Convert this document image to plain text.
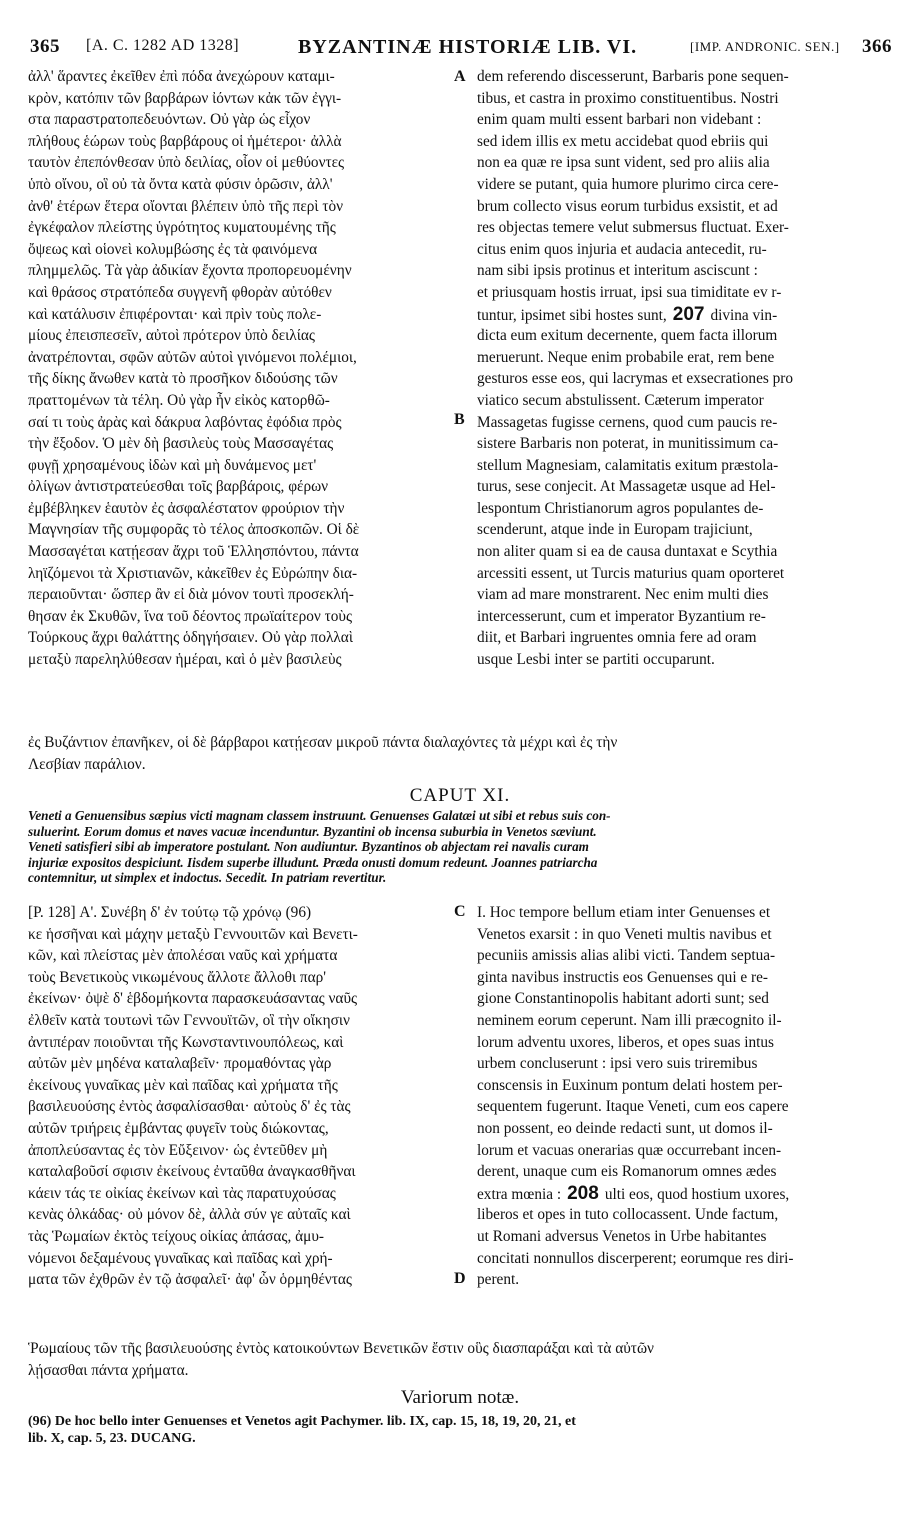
365 [A. C. 1282 AD 1328]	BYZANTINÆ HISTORIÆ LIB. VI.	[IMP. ANDRONIC. SEN.] 366
ἀλλ' ἅραντες ἐκεῖθεν ἐπὶ πόδα ἀνεχώρουν καταμι-
κρὸν, κατόπιν τῶν βαρβάρων ἰόντων κἀκ τῶν ἐγγι-
στα παραστρατοπεδευόντων. Οὐ γὰρ ὡς εἶχον
πλήθους ἑώρων τοὺς βαρβάρους οἱ ἡμέτεροι· ἀλλὰ
ταυτὸν ἐπεπόνθεσαν ὑπὸ δειλίας, οἷον οἱ μεθύοντες
ὑπὸ οἴνου, οἳ οὐ τὰ ὄντα κατὰ φύσιν ὁρῶσιν, ἀλλ'
ἀνθ' ἑτέρων ἕτερα οἴονται βλέπειν ὑπὸ τῆς περὶ τὸν
ἐγκέφαλον πλείστης ὑγρότητος κυματουμένης τῆς
ὄψεως καὶ οἱονεὶ κολυμβώσης ἐς τὰ φαινόμενα
πλημμελῶς. Τὰ γὰρ ἀδικίαν ἔχοντα προπορευομένην
καὶ θράσος στρατόπεδα συγγενῆ φθορὰν αὐτόθεν
καὶ κατάλυσιν ἐπιφέρονται· καὶ πρὶν τοὺς πολε-
μίους ἐπεισπεσεῖν, αὐτοὶ πρότερον ὑπὸ δειλίας
ἀνατρέπονται, σφῶν αὐτῶν αὐτοὶ γινόμενοι πολέμιοι,
τῆς δίκης ἄνωθεν κατὰ τὸ προσῆκον διδούσης τῶν
πραττομένων τὰ τέλη. Οὐ γὰρ ἦν εἰκὸς κατορθῶ-
σαί τι τοὺς ἀρὰς καὶ δάκρυα λαβόντας ἐφόδια πρὸς
τὴν ἔξοδον. Ὁ μὲν δὴ βασιλεὺς τοὺς Μασσαγέτας
φυγῇ χρησαμένους ἰδὼν καὶ μὴ δυνάμενος μετ'
ὀλίγων ἀντιστρατεύεσθαι τοῖς βαρβάροις, φέρων
ἐμβέβληκεν ἑαυτὸν ἐς ἀσφαλέστατον φρούριον τὴν
Μαγνησίαν τῆς συμφορᾶς τὸ τέλος ἀποσκοπῶν. Οἱ δὲ
Μασσαγέται κατῄεσαν ἄχρι τοῦ Ἑλλησπόντου, πάντα
ληϊζόμενοι τὰ Χριστιανῶν, κἀκεῖθεν ἐς Εὐρώπην δια-
περαιοῦνται· ὥσπερ ἂν εἰ διὰ μόνον τουτὶ προσεκλή-
θησαν ἐκ Σκυθῶν, ἵνα τοῦ δέοντος πρωϊαίτερον τοὺς
Τούρκους ἄχρι θαλάττης ὁδηγήσαιεν. Οὐ γὰρ πολλαὶ
μεταξὺ παρεληλύθεσαν ἡμέραι, καὶ ὁ μὲν βασιλεὺς
dem referendo discesserunt, Barbaris pone sequen-
tibus, et castra in proximo constituentibus. Nostri
enim quam multi essent barbari non videbant :
sed idem illis ex metu accidebat quod ebriis qui
non ea quæ re ipsa sunt vident, sed pro aliis alia
videre se putant, quia humore plurimo circa cere-
brum collecto visus eorum turbidus exsistit, et ad
res objectas temere velut submersus fluctuat. Exer-
citus enim quos injuria et audacia antecedit, ru-
nam sibi ipsis protinus et interitum asciscunt :
et priusquam hostis irruat, ipsi sua timiditate ev r-
tuntur, ipsimet sibi hostes sunt, 207 divina vin-
dicta eum exitum decernente, quem facta illorum
meruerunt. Neque enim probabile erat, rem bene
gesturos esse eos, qui lacrymas et exsecrationes pro
viatico secum abstulissent. Cæterum imperator
Massagetas fugisse cernens, quod cum paucis re-
sistere Barbaris non poterat, in munitissimum ca-
stellum Magnesiam, calamitatis exitum præstola-
turus, sese conjecit. At Massagetæ usque ad Hel-
lespontum Christianorum agros populantes de-
scenderunt, atque inde in Europam trajiciunt,
non aliter quam si ea de causa duntaxat e Scythia
arcessiti essent, ut Turcis maturius quam oporteret
viam ad mare monstrarent. Nec enim multi dies
intercesserunt, cum et imperator Byzantium re-
diit, et Barbari ingruentes omnia fere ad oram
usque Lesbi inter se partiti occuparunt.
A
B
ἐς Βυζάντιον ἐπανῆκεν, οἱ δὲ βάρβαροι κατῄεσαν μικροῦ πάντα διαλαχόντες τὰ μέχρι καὶ ἐς τὴν
Λεσβίαν παράλιον.
CAPUT XI.
Veneti a Genuensibus sæpius victi magnam classem instruunt. Genuenses Galatæi ut sibi et rebus suis con-
suluerint. Eorum domus et naves vacuæ incenduntur. Byzantini ob incensa suburbia in Venetos sæviunt.
Veneti satisfieri sibi ab imperatore postulant. Non audiuntur. Byzantinos ob abjectam rei navalis curam
injuriæ expositos despiciunt. Iisdem superbe illudunt. Præda onusti domum redeunt. Joannes patriarcha
contemnitur, ut simplex et indoctus. Secedit. In patriam revertitur.
[P. 128] Α'. Συνέβη δ' ἐν τούτῳ τῷ χρόνῳ (96)
κε ἡσσῆναι καὶ μάχην μεταξὺ Γεννουιτῶν καὶ Βενετι-
κῶν, καὶ πλείστας μὲν ἀπολέσαι ναῦς καὶ χρήματα
τοὺς Βενετικοὺς νικωμένους ἄλλοτε ἄλλοθι παρ'
ἐκείνων· ὀψὲ δ' ἑβδομήκοντα παρασκευάσαντας ναῦς
ἐλθεῖν κατὰ τουτωνὶ τῶν Γεννουϊτῶν, οἳ τὴν οἴκησιν
ἀντιπέραν ποιοῦνται τῆς Κωνσταντινουπόλεως, καὶ
αὐτῶν μὲν μηδένα καταλαβεῖν· προμαθόντας γὰρ
ἐκείνους γυναῖκας μὲν καὶ παῖδας καὶ χρήματα τῆς
βασιλευούσης ἐντὸς ἀσφαλίσασθαι· αὐτοὺς δ' ἐς τὰς
αὐτῶν τριήρεις ἐμβάντας φυγεῖν τοὺς διώκοντας,
ἀποπλεύσαντας ἐς τὸν Εὔξεινον· ὡς ἐντεῦθεν μὴ
καταλαβοῦσί σφισιν ἐκείνους ἐνταῦθα ἀναγκασθῆναι
κάειν τάς τε οἰκίας ἐκείνων καὶ τὰς παρατυχούσας
κενὰς ὁλκάδας· οὐ μόνον δὲ, ἀλλὰ σύν γε αὐταῖς καὶ
τὰς Ῥωμαίων ἐκτὸς τείχους οἰκίας ἁπάσας, ἀμυ-
νόμενοι δεξαμένους γυναῖκας καὶ παῖδας καὶ χρή-
ματα τῶν ἐχθρῶν ἐν τῷ ἀσφαλεῖ· ἀφ' ὧν ὁρμηθέντας
I. Hoc tempore bellum etiam inter Genuenses et
Venetos exarsit : in quo Veneti multis navibus et
pecuniis amissis alias alibi victi. Tandem septua-
ginta navibus instructis eos Genuenses qui e re-
gione Constantinopolis habitant adorti sunt; sed
neminem eorum ceperunt. Nam illi præcognito il-
lorum adventu uxores, liberos, et opes suas intus
urbem concluserunt : ipsi vero suis triremibus
conscensis in Euxinum pontum delati hostem per-
sequentem fugerunt. Itaque Veneti, cum eos capere
non possent, eo deinde redacti sunt, ut domos il-
lorum et vacuas onerarias quæ occurrebant incen-
derent, unaque cum eis Romanorum omnes ædes
extra mœnia : 208 ulti eos, quod hostium uxores,
liberos et opes in tuto collocassent. Unde factum,
ut Romani adversus Venetos in Urbe habitantes
concitati nonnullos discerperent; eorumque res diri-
perent.
C
D
Ῥωμαίους τῶν τῆς βασιλευούσης ἐντὸς κατοικούντων Βενετικῶν ἔστιν οὓς διασπαράξαι καὶ τὰ αὐτῶν
λῄσασθαι πάντα χρήματα.
Variorum notæ.
(96) De hoc bello inter Genuenses et Venetos agit Pachymer. lib. IX, cap. 15, 18, 19, 20, 21, et
lib. X, cap. 5, 23. DUCANG.
